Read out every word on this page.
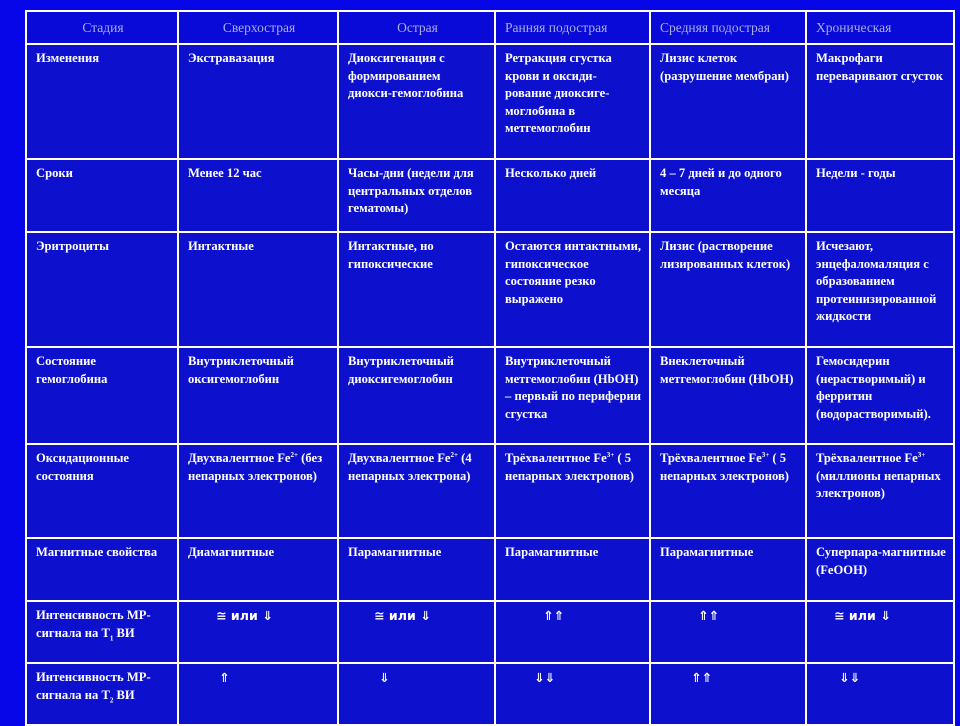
Стадия	Сверхострая	Острая	Ранняя подострая	Средняя подострая	Хроническая
Изменения	Экстравазация	Диоксигенация с формированием диокси-гемоглобина	Ретракция сгустка крови и оксиди-рование диоксиге-моглобина в метгемоглобин	Лизис клеток (разрушение мембран)	Макрофаги переваривают сгусток
Сроки	Менее 12 час	Часы-дни (недели для центральных отделов гематомы)	Несколько дней	4 – 7 дней и до одного месяца	Недели - годы
Эритроциты	Интактные	Интактные, но гипоксические	Остаются интактными, гипоксическое состояние резко выражено	Лизис (растворение лизированных клеток)	Исчезают, энцефаломаляция с образованием протеинизированной жидкости
Состояние гемоглобина	Внутриклеточный оксигемоглобин	Внутриклеточный диоксигемоглобин	Внутриклеточный метгемоглобин (HbOH) – первый по периферии сгустка	Внеклеточный метгемоглобин (HbOH)	Гемосидерин (нерастворимый) и ферритин (водорастворимый).
Оксидационные состояния	Двухвалентное $Fe^{2+}$ (без непарных электронов)	Двухвалентное $Fe^{2+}$ (4 непарных электрона)	Трёхвалентное $Fe^{3+}$ ( 5 непарных электронов)	Трёхвалентное $Fe^{3+}$ ( 5 непарных электронов)	Трёхвалентное $Fe^{3+}$ (миллионы непарных электронов)
Магнитные свойства	Диамагнитные	Парамагнитные	Парамагнитные	Парамагнитные	Суперпара-магнитные (FeOOH)
Интенсивность МР-сигнала на $T_1$ ВИ	≅ или ⇓	≅ или ⇓	⇑⇑	⇑⇑	≅ или ⇓
Интенсивность МР-сигнала на $T_2$ ВИ	⇑	⇓	⇓⇓	⇑⇑	⇓⇓
